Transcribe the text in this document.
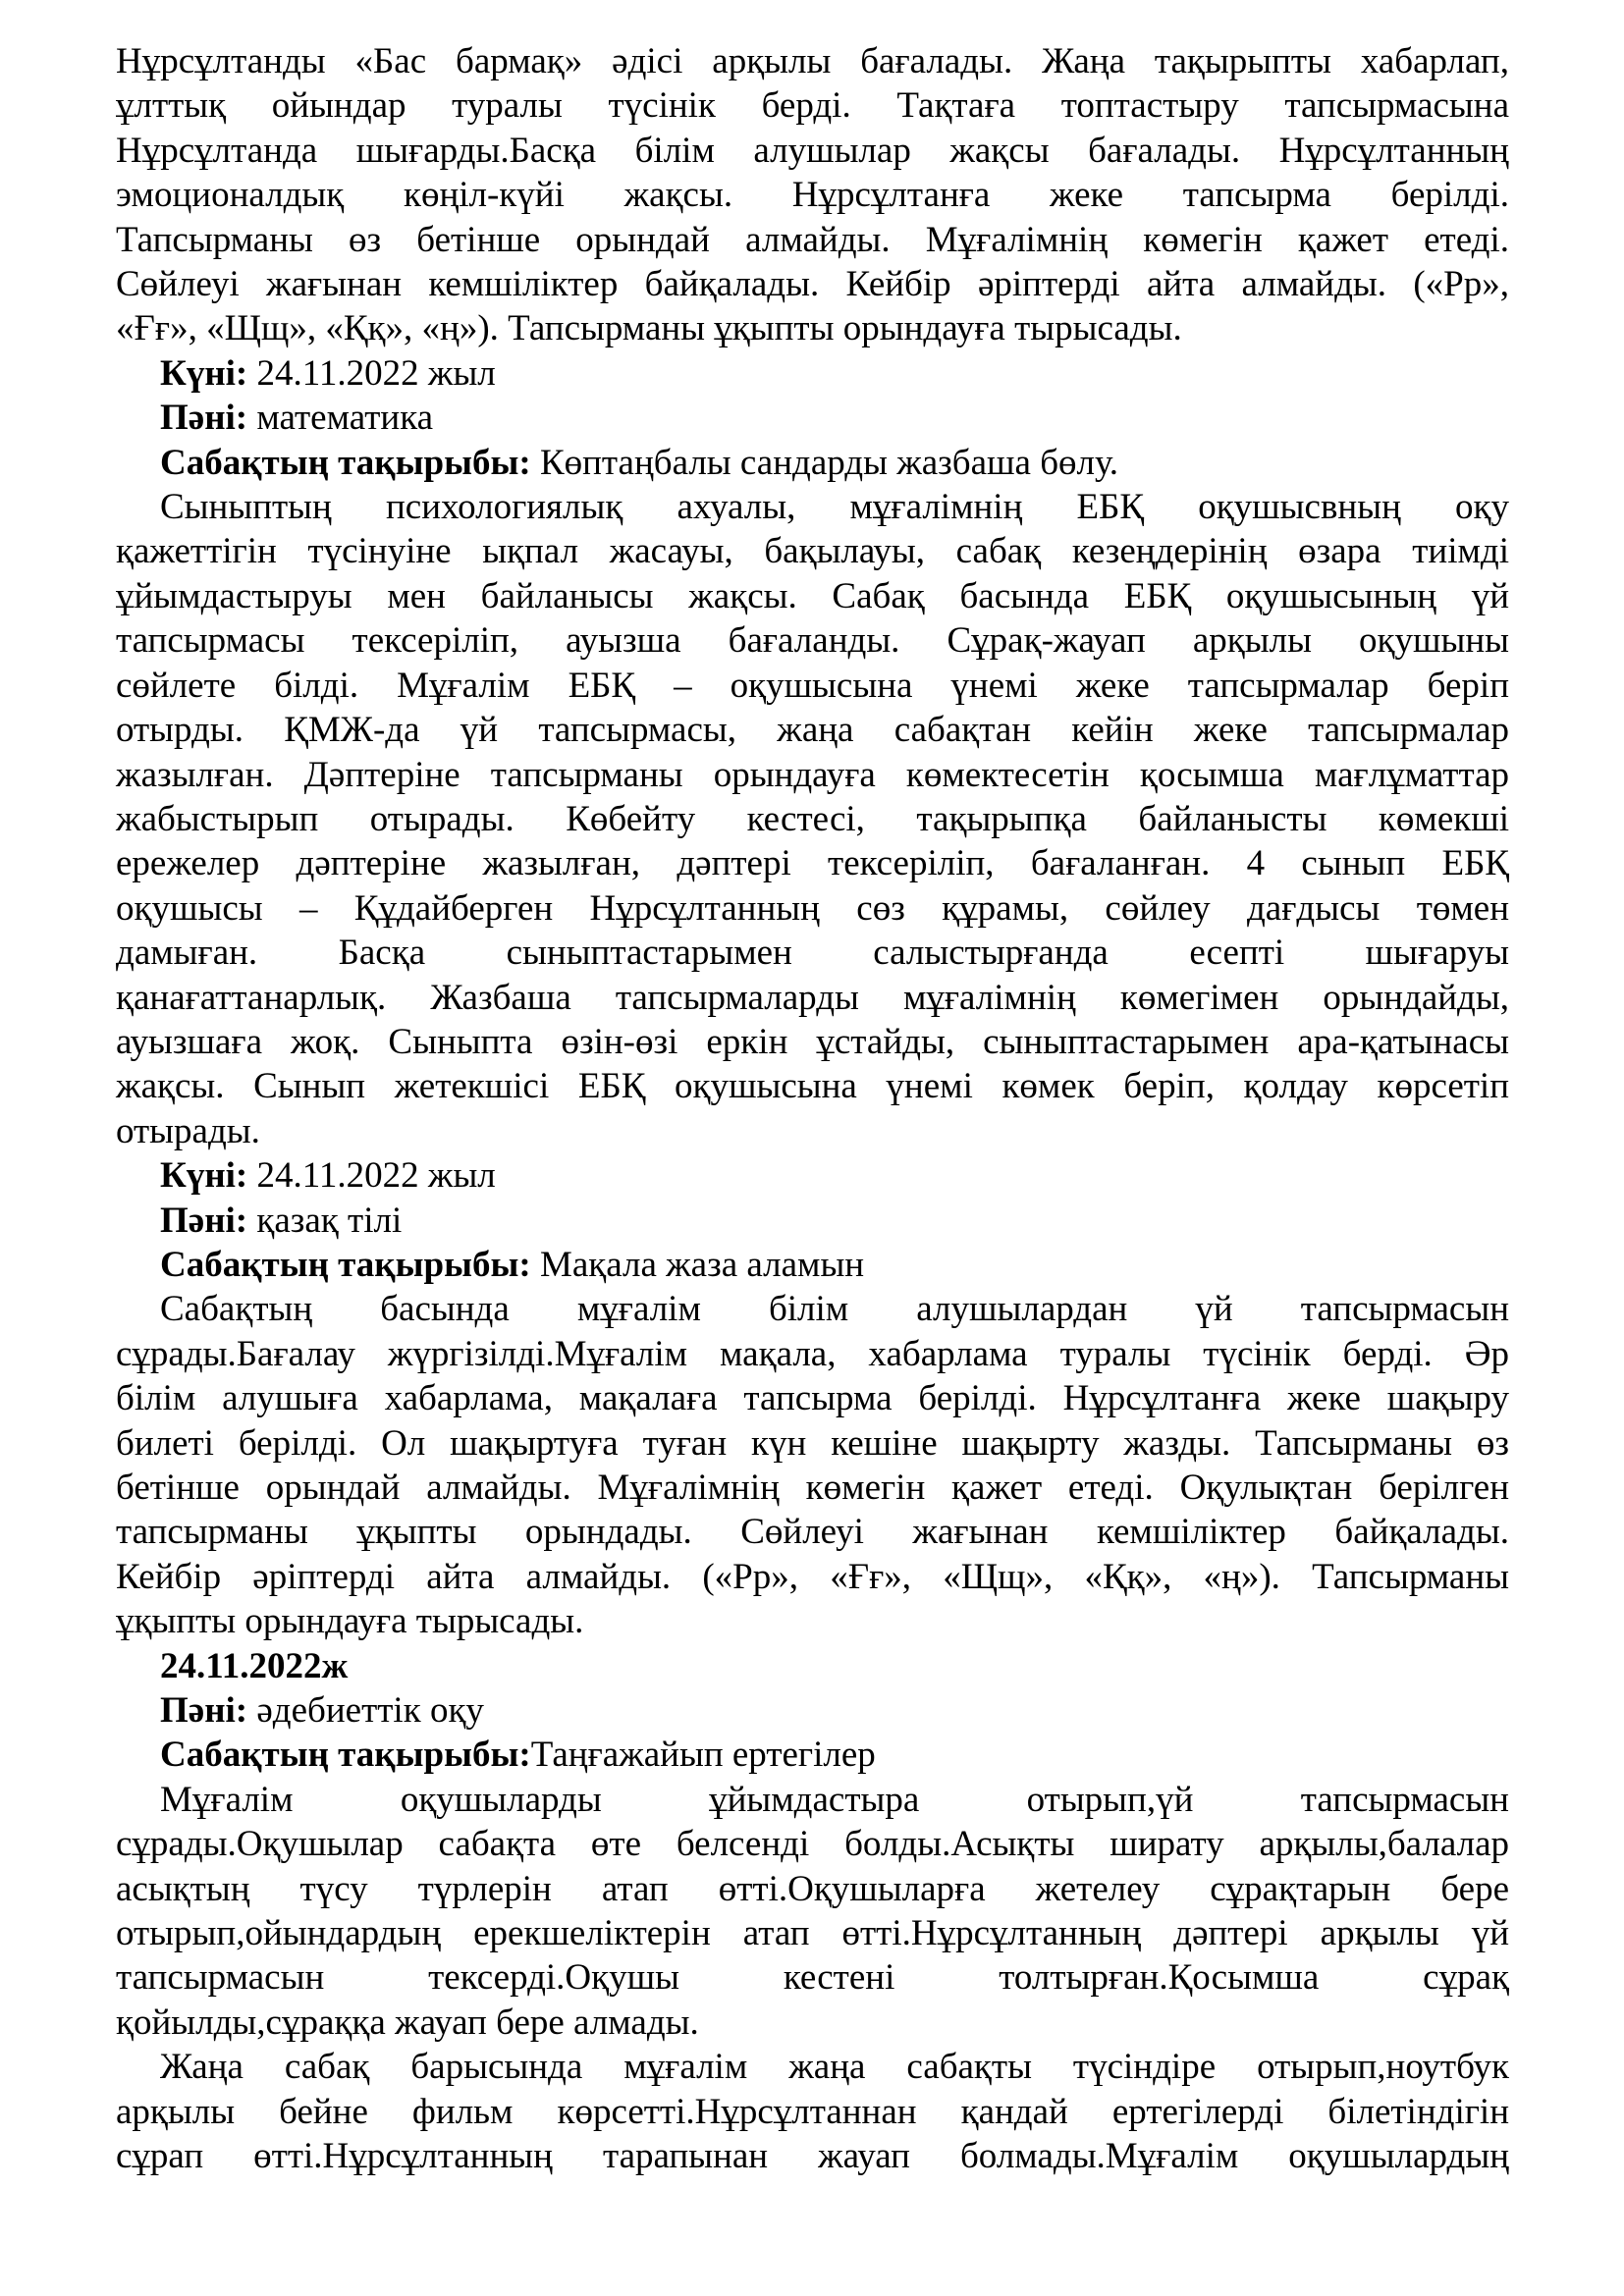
Нұрсұлтанды «Бас бармақ» әдісі арқылы бағалады. Жаңа тақырыпты хабарлап,
ұлттық ойындар туралы түсінік берді. Тақтаға топтастыру тапсырмасына
Нұрсұлтанда шығарды.Басқа білім алушылар жақсы бағалады. Нұрсұлтанның
эмоционалдық көңіл-күйі жақсы. Нұрсұлтанға жеке тапсырма берілді.
Тапсырманы өз бетінше орындай алмайды. Мұғалімнің көмегін қажет етеді.
Сөйлеуі жағынан кемшіліктер байқалады. Кейбір әріптерді айта алмайды. («Рр»,
«Ғғ», «Щщ», «Ққ», «ң»). Тапсырманы ұқыпты орындауға тырысады.
Күні: 24.11.2022 жыл
Пәні: математика
Сабақтың тақырыбы: Көптаңбалы сандарды жазбаша бөлу.
Сыныптың психологиялық ахуалы, мұғалімнің ЕБҚ оқушысвның оқу
қажеттігін түсінуіне ықпал жасауы, бақылауы, сабақ кезеңдерінің өзара тиімді
ұйымдастыруы мен байланысы жақсы. Сабақ басында ЕБҚ оқушысының үй
тапсырмасы тексеріліп, ауызша бағаланды. Сұрақ-жауап арқылы оқушыны
сөйлете білді. Мұғалім ЕБҚ – оқушысына үнемі жеке тапсырмалар беріп
отырды. ҚМЖ-да үй тапсырмасы, жаңа сабақтан кейін жеке тапсырмалар
жазылған. Дәптеріне тапсырманы орындауға көмектесетін қосымша мағлұматтар
жабыстырып отырады. Көбейту кестесі, тақырыпқа байланысты көмекші
ережелер дәптеріне жазылған, дәптері тексеріліп, бағаланған. 4 сынып ЕБҚ
оқушысы – Құдайберген Нұрсұлтанның сөз құрамы, сөйлеу дағдысы төмен
дамыған. Басқа сыныптастарымен салыстырғанда есепті шығаруы
қанағаттанарлық. Жазбаша тапсырмаларды мұғалімнің көмегімен орындайды,
ауызшаға жоқ. Сыныпта өзін-өзі еркін ұстайды, сыныптастарымен ара-қатынасы
жақсы. Сынып жетекшісі ЕБҚ оқушысына үнемі көмек беріп, қолдау көрсетіп
отырады.
Күні: 24.11.2022 жыл
Пәні: қазақ тілі
Сабақтың тақырыбы: Мақала жаза аламын
Сабақтың басында мұғалім білім алушылардан үй тапсырмасын
сұрады.Бағалау жүргізілді.Мұғалім мақала, хабарлама туралы түсінік берді. Әр
білім алушыға хабарлама, мақалаға тапсырма берілді. Нұрсұлтанға жеке шақыру
билеті берілді. Ол шақыртуға туған күн кешіне шақырту жазды. Тапсырманы өз
бетінше орындай алмайды. Мұғалімнің көмегін қажет етеді. Оқулықтан берілген
тапсырманы ұқыпты орындады. Сөйлеуі жағынан кемшіліктер байқалады.
Кейбір әріптерді айта алмайды. («Рр», «Ғғ», «Щщ», «Ққ», «ң»). Тапсырманы
ұқыпты орындауға тырысады.
24.11.2022ж
Пәні: әдебиеттік оқу
Сабақтың тақырыбы:Таңғажайып ертегілер
Мұғалім оқушыларды ұйымдастыра отырып,үй тапсырмасын
сұрады.Оқушылар сабақта өте белсенді болды.Асықты ширату арқылы,балалар
асықтың түсу түрлерін атап өтті.Оқушыларға жетелеу сұрақтарын бере
отырып,ойындардың ерекшеліктерін атап өтті.Нұрсұлтанның дәптері арқылы үй
тапсырмасын тексерді.Оқушы кестені толтырған.Қосымша сұрақ
қойылды,сұраққа жауап бере алмады.
Жаңа сабақ барысында мұғалім жаңа сабақты түсіндіре отырып,ноутбук
арқылы бейне фильм көрсетті.Нұрсұлтаннан қандай ертегілерді білетіндігін
сұрап өтті.Нұрсұлтанның тарапынан жауап болмады.Мұғалім оқушылардың
